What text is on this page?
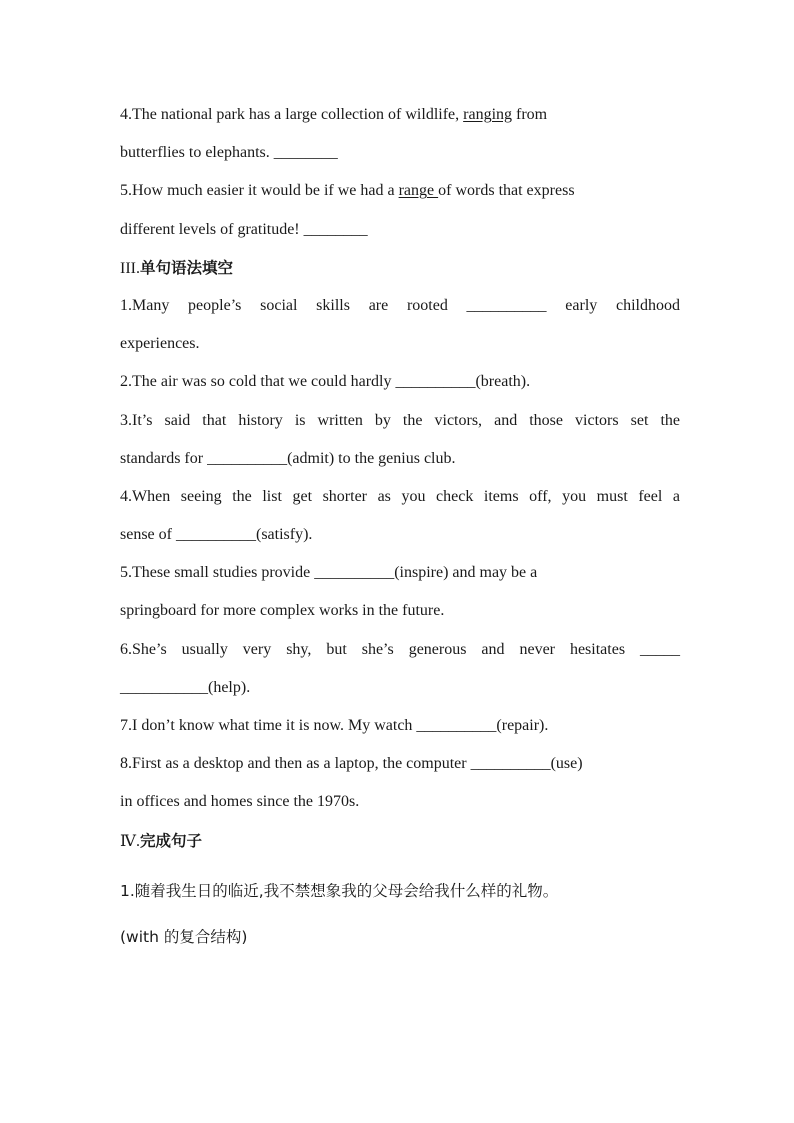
4.The national park has a large collection of wildlife, ranging from
butterflies to elephants. ________
5.How much easier it would be if we had a range of words that express
different levels of gratitude! ________
III.单句语法填空
1.Many people’s social skills are rooted __________ early childhood
experiences.
2.The air was so cold that we could hardly __________(breath).
3.It’s said that history is written by the victors, and those victors set the
standards for __________(admit) to the genius club.
4.When seeing the list get shorter as you check items off, you must feel a
sense of __________(satisfy).
5.These small studies provide __________(inspire) and may be a
springboard for more complex works in the future.
6.She’s usually very shy, but she’s generous and never hesitates _____
___________(help).
7.I don’t know what time it is now. My watch __________(repair).
8.First as a desktop and then as a laptop, the computer __________(use)
in offices and homes since the 1970s.
Ⅳ.完成句子
1.随着我生日的临近,我不禁想象我的父母会给我什么样的礼物。
(with 的复合结构)
